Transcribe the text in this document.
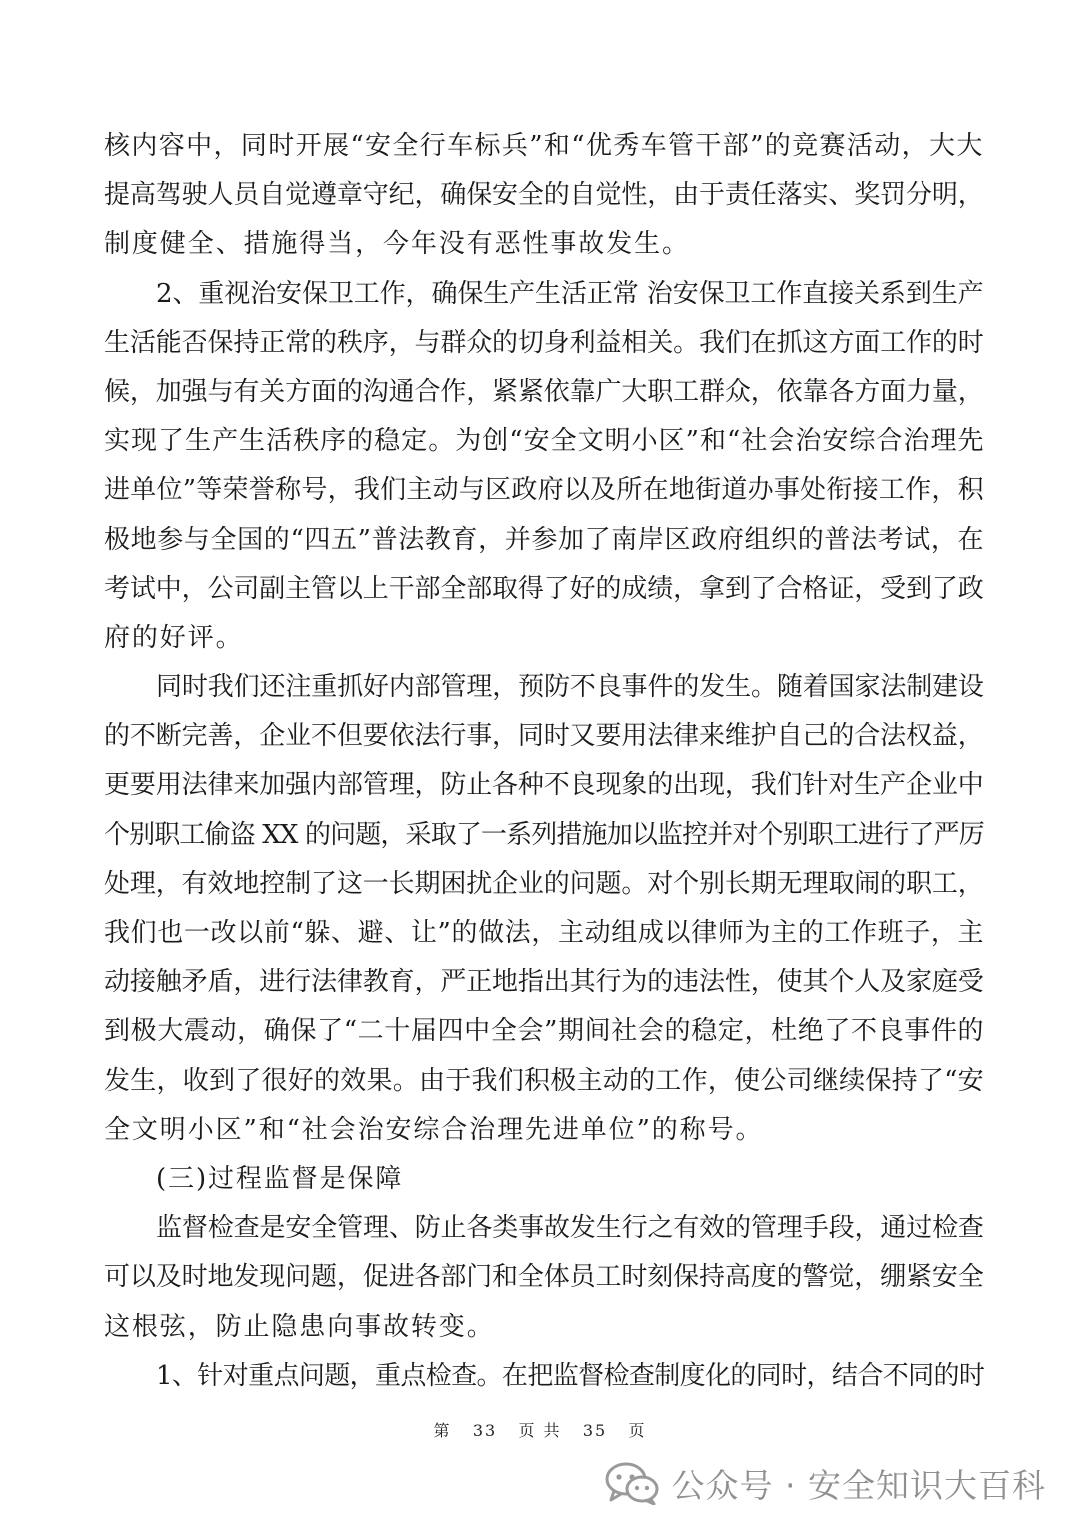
核内容中，同时开展“安全行车标兵”和“优秀车管干部”的竞赛活动，大大
提高驾驶人员自觉遵章守纪，确保安全的自觉性，由于责任落实、奖罚分明，
制度健全、措施得当，今年没有恶性事故发生。
2、重视治安保卫工作，确保生产生活正常 治安保卫工作直接关系到生产
生活能否保持正常的秩序，与群众的切身利益相关。我们在抓这方面工作的时
候，加强与有关方面的沟通合作，紧紧依靠广大职工群众，依靠各方面力量，
实现了生产生活秩序的稳定。为创“安全文明小区”和“社会治安综合治理先
进单位”等荣誉称号，我们主动与区政府以及所在地街道办事处衔接工作，积
极地参与全国的“四五”普法教育，并参加了南岸区政府组织的普法考试，在
考试中，公司副主管以上干部全部取得了好的成绩，拿到了合格证，受到了政
府的好评。
同时我们还注重抓好内部管理，预防不良事件的发生。随着国家法制建设
的不断完善，企业不但要依法行事，同时又要用法律来维护自己的合法权益，
更要用法律来加强内部管理，防止各种不良现象的出现，我们针对生产企业中
个别职工偷盗 XX 的问题，采取了一系列措施加以监控并对个别职工进行了严厉
处理，有效地控制了这一长期困扰企业的问题。对个别长期无理取闹的职工，
我们也一改以前“躲、避、让”的做法，主动组成以律师为主的工作班子，主
动接触矛盾，进行法律教育，严正地指出其行为的违法性，使其个人及家庭受
到极大震动，确保了“二十届四中全会”期间社会的稳定，杜绝了不良事件的
发生，收到了很好的效果。由于我们积极主动的工作，使公司继续保持了“安
全文明小区”和“社会治安综合治理先进单位”的称号。
(三)过程监督是保障
监督检查是安全管理、防止各类事故发生行之有效的管理手段，通过检查
可以及时地发现问题，促进各部门和全体员工时刻保持高度的警觉，绷紧安全
这根弦，防止隐患向事故转变。
1、针对重点问题，重点检查。在把监督检查制度化的同时，结合不同的时
第 33 页 共 35 页
公众号 · 安全知识大百科
